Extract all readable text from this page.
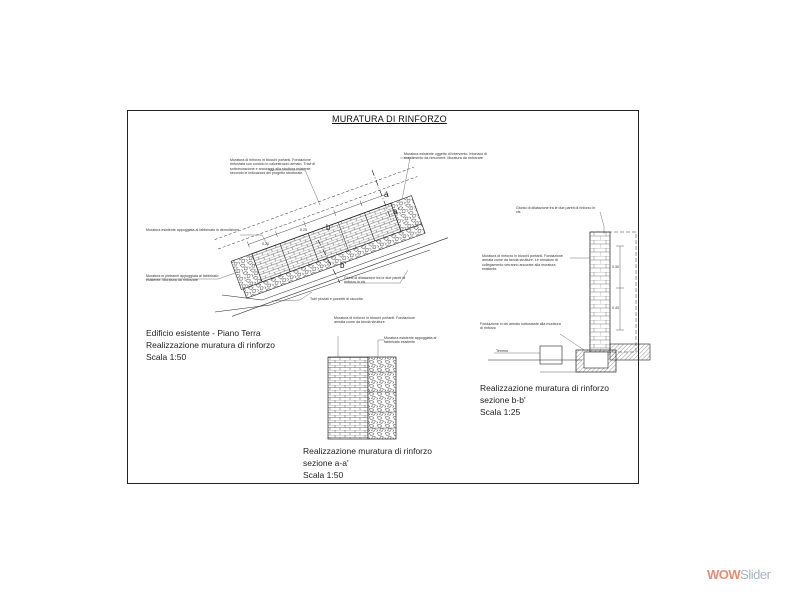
MURATURA DI RINFORZO
a
a'
b
b'
0.20
0.25
0.30
0.40
Muratura di rinforzo in blocchi portanti. Fondazione rinforzata con cordolo in calcestruzzo armato. Travi di sottomurazione e ancoraggi alla struttura esistente secondo le indicazioni del progetto strutturale.
Muratura esistente oggetto di intervento. Intonaco di rivestimento da rimuovere. Muratura da rinforzare
Muratura esistente appoggiata al fabbricato in demolizione
Muratura in pietrame appoggiata al fabbricato esistente. Muratura da rinforzare
Giunti di dilatazione tra le due pareti di rinforzo in cls
Tubi pluviali e pozzetti di raccolta
Muratura di rinforzo in blocchi portanti. Fondazione armata come da tavola strutture
Muratura esistente appoggiata al fabbricato esistente
Giunto di dilatazione tra le due pareti di rinforzo in cls
Muratura di rinforzo in blocchi portanti. Fondazione armata come da tavola strutture. Le armature di collegamento verranno ancorate alla muratura esistente.
Fondazione in cls armato sottostante alla muratura di rinforzo
Terreno
Edificio esistente - Piano Terra
Realizzazione muratura di rinforzo
Scala 1:50
Realizzazione muratura di rinforzo
sezione a-a'
Scala 1:50
Realizzazione muratura di rinforzo
sezione b-b'
Scala 1:25
WOWSlider
